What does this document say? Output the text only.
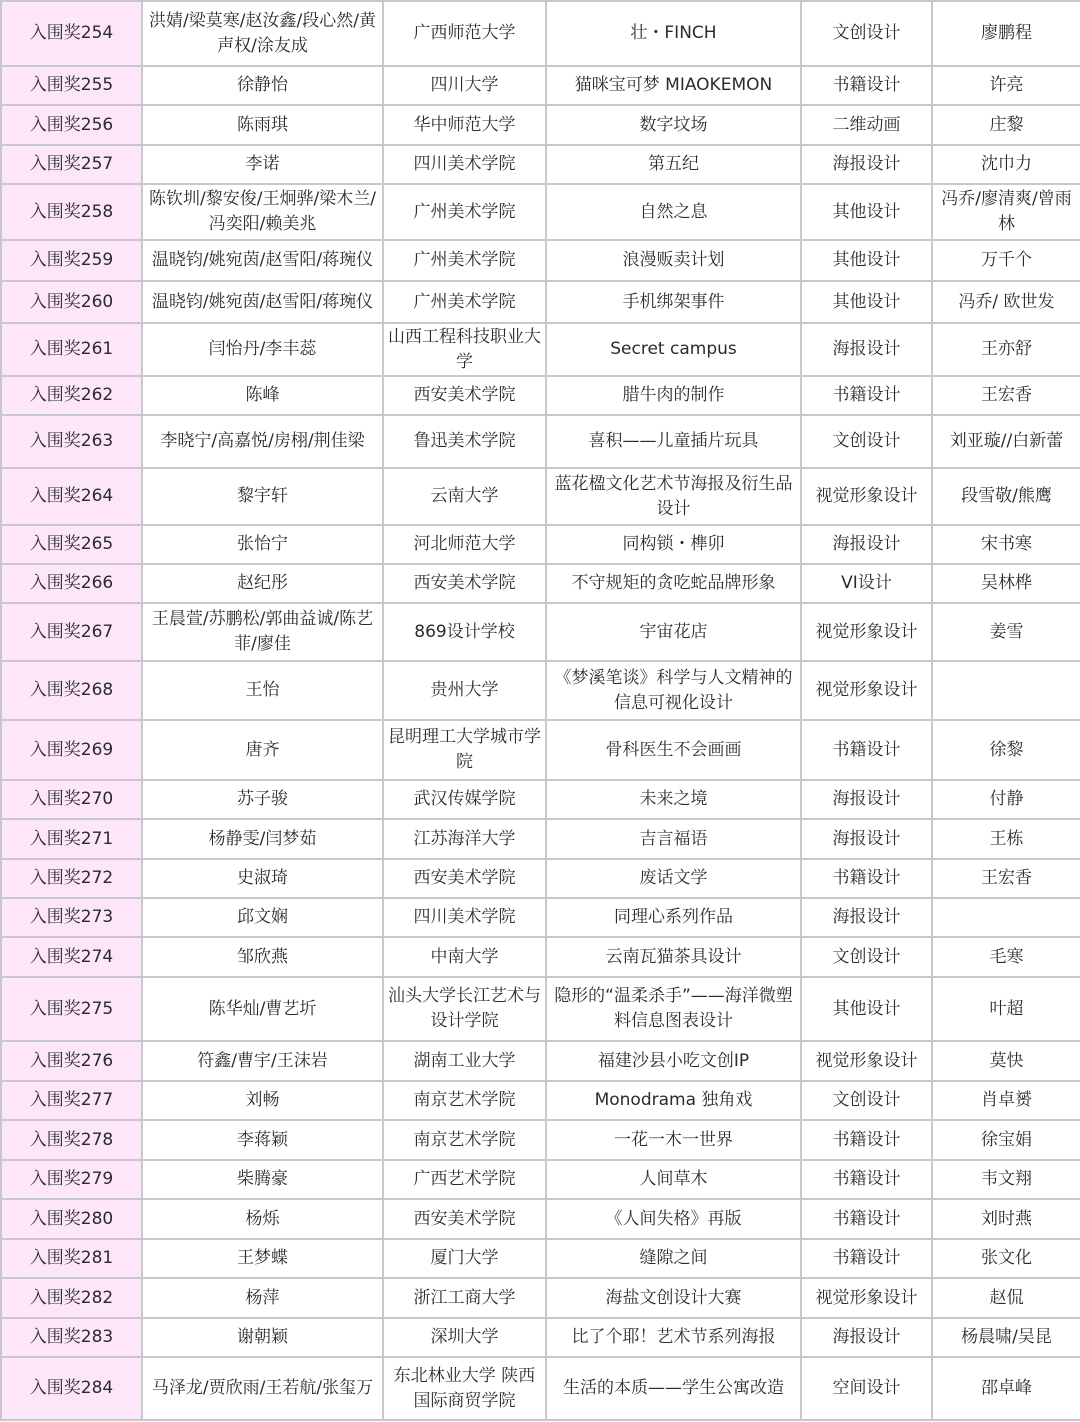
入围奖254	洪婧/梁莫寒/赵汝鑫/段心然/黄声权/涂友成	广西师范大学	壮・FINCH	文创设计	廖鹏程
入围奖255	徐静怡	四川大学	猫咪宝可梦 MIAOKEMON	书籍设计	许亮
入围奖256	陈雨琪	华中师范大学	数字坟场	二维动画	庄黎
入围奖257	李诺	四川美术学院	第五纪	海报设计	沈巾力
入围奖258	陈钦圳/黎安俊/王炯骅/梁木兰/冯奕阳/赖美兆	广州美术学院	自然之息	其他设计	冯乔/廖清爽/曾雨林
入围奖259	温晓钧/姚宛茵/赵雪阳/蒋琬仪	广州美术学院	浪漫贩卖计划	其他设计	万千个
入围奖260	温晓钧/姚宛茵/赵雪阳/蒋琬仪	广州美术学院	手机绑架事件	其他设计	冯乔/ 欧世发
入围奖261	闫怡丹/李丰蕊	山西工程科技职业大学	Secret campus	海报设计	王亦舒
入围奖262	陈峰	西安美术学院	腊牛肉的制作	书籍设计	王宏香
入围奖263	李晓宁/高嘉悦/房栩/荆佳梁	鲁迅美术学院	喜积——儿童插片玩具	文创设计	刘亚璇//白新蕾
入围奖264	黎宇轩	云南大学	蓝花楹文化艺术节海报及衍生品设计	视觉形象设计	段雪敬/熊鹰
入围奖265	张怡宁	河北师范大学	同构锁・榫卯	海报设计	宋书寒
入围奖266	赵纪彤	西安美术学院	不守规矩的贪吃蛇品牌形象	VI设计	吴林桦
入围奖267	王晨萱/苏鹏松/郭曲益诚/陈艺菲/廖佳	869设计学校	宇宙花店	视觉形象设计	姜雪
入围奖268	王怡	贵州大学	《梦溪笔谈》科学与人文精神的信息可视化设计	视觉形象设计	
入围奖269	唐齐	昆明理工大学城市学院	骨科医生不会画画	书籍设计	徐黎
入围奖270	苏子骏	武汉传媒学院	未来之境	海报设计	付静
入围奖271	杨静雯/闫梦茹	江苏海洋大学	吉言福语	海报设计	王栋
入围奖272	史淑琦	西安美术学院	废话文学	书籍设计	王宏香
入围奖273	邱文娴	四川美术学院	同理心系列作品	海报设计	
入围奖274	邹欣燕	中南大学	云南瓦猫茶具设计	文创设计	毛寒
入围奖275	陈华灿/曹艺圻	汕头大学长江艺术与设计学院	隐形的“温柔杀手”——海洋微塑料信息图表设计	其他设计	叶超
入围奖276	符鑫/曹宇/王沫岩	湖南工业大学	福建沙县小吃文创IP	视觉形象设计	莫快
入围奖277	刘畅	南京艺术学院	Monodrama 独角戏	文创设计	肖卓赟
入围奖278	李蒋颖	南京艺术学院	一花一木一世界	书籍设计	徐宝娟
入围奖279	柴腾豪	广西艺术学院	人间草木	书籍设计	韦文翔
入围奖280	杨烁	西安美术学院	《人间失格》再版	书籍设计	刘时燕
入围奖281	王梦蝶	厦门大学	缝隙之间	书籍设计	张文化
入围奖282	杨萍	浙江工商大学	海盐文创设计大赛	视觉形象设计	赵侃
入围奖283	谢朝颖	深圳大学	比了个耶！艺术节系列海报	海报设计	杨晨啸/吴昆
入围奖284	马泽龙/贾欣雨/王若航/张玺万	东北林业大学 陕西国际商贸学院	生活的本质——学生公寓改造	空间设计	邵卓峰
